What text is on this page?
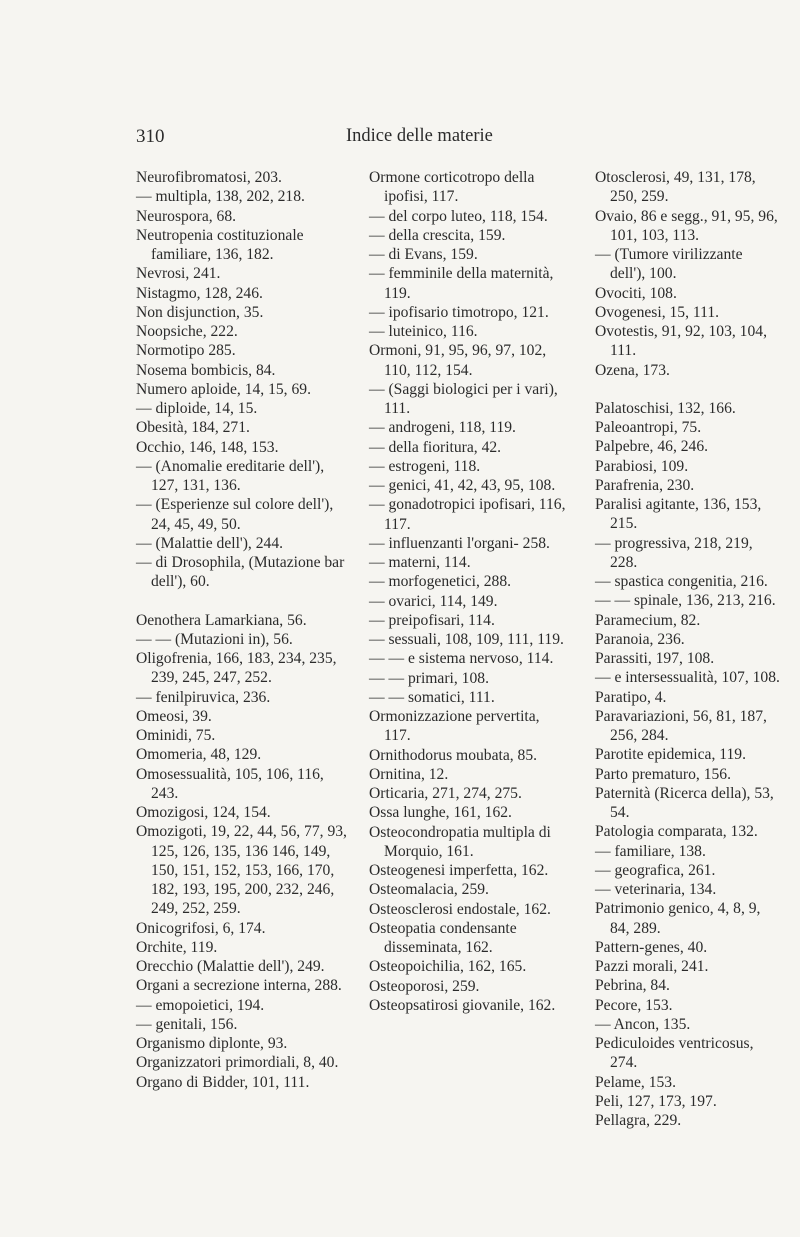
310	Indice delle materie

Neurofibromatosi, 203.

— multipla, 138, 202, 218.

Neurospora, 68.

Neutropenia costituzionale familiare, 136, 182.

Nevrosi, 241.

Nistagmo, 128, 246.

Non disjunction, 35.

Noopsiche, 222.

Normotipo 285.

Nosema bombicis, 84.

Numero aploide, 14, 15, 69.

— diploide, 14, 15.

Obesità, 184, 271.

Occhio, 146, 148, 153.

— (Anomalie ereditarie dell'), 127, 131, 136.

— (Esperienze sul colore dell'), 24, 45, 49, 50.

— (Malattie dell'), 244.

— di Drosophila, (Mutazione bar dell'), 60.

Oenothera Lamarkiana, 56.

— — (Mutazioni in), 56.

Oligofrenia, 166, 183, 234, 235, 239, 245, 247, 252.

— fenilpiruvica, 236.

Omeosi, 39.

Ominidi, 75.

Omomeria, 48, 129.

Omosessualità, 105, 106, 116, 243.

Omozigosi, 124, 154.

Omozigoti, 19, 22, 44, 56, 77, 93, 125, 126, 135, 136 146, 149, 150, 151, 152, 153, 166, 170, 182, 193, 195, 200, 232, 246, 249, 252, 259.

Onicogrifosi, 6, 174.

Orchite, 119.

Orecchio (Malattie dell'), 249.

Organi a secrezione interna, 288.

— emopoietici, 194.

— genitali, 156.

Organismo diplonte, 93.

Organizzatori primordiali, 8, 40.

Organo di Bidder, 101, 111.

Ormone corticotropo della ipofisi, 117.

— del corpo luteo, 118, 154.

— della crescita, 159.

— di Evans, 159.

— femminile della maternità, 119.

— ipofisario timotropo, 121.

— luteinico, 116.

Ormoni, 91, 95, 96, 97, 102, 110, 112, 154.

— (Saggi biologici per i vari), 111.

— androgeni, 118, 119.

— della fioritura, 42.

— estrogeni, 118.

— genici, 41, 42, 43, 95, 108.

— gonadotropici ipofisari, 116, 117.

— influenzanti l'organi- 258.

— materni, 114.

— morfogenetici, 288.

— ovarici, 114, 149.

— preipofisari, 114.

— sessuali, 108, 109, 111, 119.

— — e sistema nervoso, 114.

— — primari, 108.

— — somatici, 111.

Ormonizzazione pervertita, 117.

Ornithodorus moubata, 85.

Ornitina, 12.

Orticaria, 271, 274, 275.

Ossa lunghe, 161, 162.

Osteocondropatia multipla di Morquio, 161.

Osteogenesi imperfetta, 162.

Osteomalacia, 259.

Osteosclerosi endostale, 162.

Osteopatia condensante disseminata, 162.

Osteopoichilia, 162, 165.

Osteoporosi, 259.

Osteopsatirosi giovanile, 162.

Otosclerosi, 49, 131, 178, 250, 259.

Ovaio, 86 e segg., 91, 95, 96, 101, 103, 113.

— (Tumore virilizzante dell'), 100.

Ovociti, 108.

Ovogenesi, 15, 111.

Ovotestis, 91, 92, 103, 104, 111.

Ozena, 173.

Palatoschisi, 132, 166.

Paleoantropi, 75.

Palpebre, 46, 246.

Parabiosi, 109.

Parafrenia, 230.

Paralisi agitante, 136, 153, 215.

— progressiva, 218, 219, 228.

— spastica congenitia, 216.

— — spinale, 136, 213, 216.

Paramecium, 82.

Paranoia, 236.

Parassiti, 197, 108.

— e intersessualità, 107, 108.

Paratipo, 4.

Paravariazioni, 56, 81, 187, 256, 284.

Parotite epidemica, 119.

Parto prematuro, 156.

Paternità (Ricerca della), 53, 54.

Patologia comparata, 132.

— familiare, 138.

— geografica, 261.

— veterinaria, 134.

Patrimonio genico, 4, 8, 9, 84, 289.

Pattern-genes, 40.

Pazzi morali, 241.

Pebrina, 84.

Pecore, 153.

— Ancon, 135.

Pediculoides ventricosus, 274.

Pelame, 153.

Peli, 127, 173, 197.

Pellagra, 229.
